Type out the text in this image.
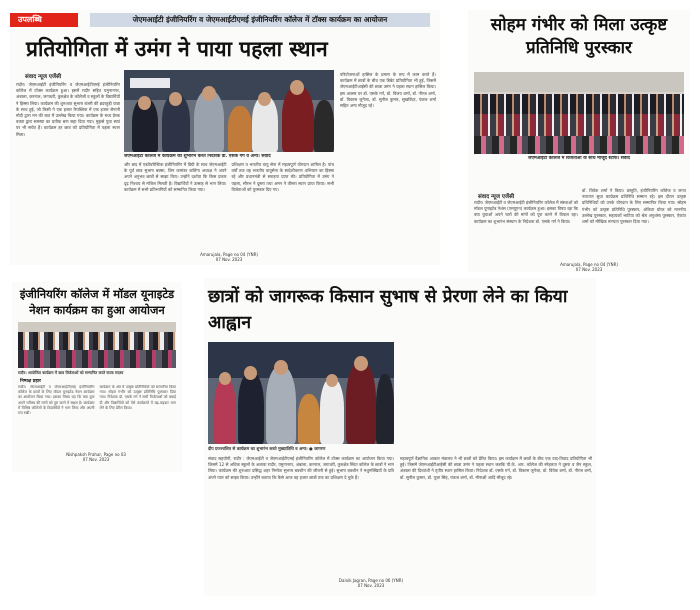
उपलब्धि	जेएमआईटी इंजीनियरिंग व जेएमआईटीएमई इंजीनियरिंग कॉलेज में टॉक्स कार्यक्रम का आयोजन
प्रतियोगिता में उमंग ने पाया पहला स्थान
संवाद न्यूज एजेंसी
रादौर। जेएमआईटी इंजीनियरिंग व जेएमआईटीएमई इंजीनियरिंग कॉलेज में टॉक्स कार्यक्रम हुआ। इसमें रादौर सहित यमुनानगर, अंबाला, करनाल, जगाधरी, कुरुक्षेत्र के कॉलेजों व स्कूलों के विद्यार्थियों ने हिस्सा लिया। कार्यक्रम की शुरुआत सुभाष बंजरी की ब्रदरहुड़ी यात्रा के साथ हुई, जो किसी ने एक हजार रिपब्लिक में एक हजार सेनानी मोदी द्वारा मन की बात में उल्लेख किया गया। कार्यक्रम के मध्य प्रेरक वक्ता द्वारा समस्या का प्रतीक बना सहा दिया गया। मुझसे युवा स्वयं पर भी सचेत हैं। कार्यक्रम हर छात्र को प्रतियोगिता में पहला स्थान मिला।
जेएमआईटी कॉलेज में कार्यक्रम का शुभारंभ करते निदेशक डॉ. एसके गर्ग व अन्य। संवाद
और बाद में एडवेंचरिस्टिक इंजीनियरिंग में डिग्री के साथ जेएमआईटी के पूर्व छात्र सुभाष बक्सा, जिन कमांडर कलिंगा अध्यक्ष ने अपने अपने अनुभव छात्रों से साझा किए। उन्होंने दर्शाया कि किस प्रकार दृढ़ निश्चय से मंजिल मिलती है। विद्यार्थियों ने उत्साह से भाग लिया। कार्यक्रम में सभी प्रतिभागियों को सम्मानित किया गया।
प्रशिक्षण व भारतीय वायु सेना में महत्वपूर्ण योगदान शामिल है। पांच वर्षों तक वह भारतीय वायुसेना के स्वदेशीकरण अभियान का हिस्सा रहे और प्रधानमंत्री से सराहना प्राप्त की। प्रतियोगिता में उमंग ने पहला, सौरभ ने दूसरा तथा अमन ने तीसरा स्थान प्राप्त किया। सभी विजेताओं को पुरस्कार दिए गए।
Amarujala, Page no 04 (YNR)
07 Nov. 2023
परियोजनाओं हासिल के प्रमाण के रूप में काम करते हैं। कार्यक्रम में छात्रों के बीच एक डिबेट प्रतियोगिता भी हुई, जिसमें जेएमआईटीआईसी की छात्रा उमंग ने पहला स्थान हासिल किया। इस अवसर पर डॉ. एसके गर्ग, डॉ. विजय शर्मा, डॉ. नीरज शर्मा, डॉ. विकास जुनेजा, डॉ. सुनील कुमार, सुखविंदर, पंकज शर्मा सहित अन्य मौजूद रहे।
सोहम गंभीर को मिला उत्कृष्ट प्रतिनिधि पुरस्कार
जेएमआईटी कॉलेज में विजेताओं के साथ मौजूद स्टाफ। संवाद
संवाद न्यूज एजेंसी
रादौर। जेएमआईटी व जेएमआईटी इंजीनियरिंग कॉलेज में संस्थाओं को मॉडल यूनाइटेड नेशंस (एमयूएन) कार्यक्रम हुआ। इसका विषय रहा कि क्या युवाओं अपने चारों की मांगों को पूरा करने में विफल रहा। कार्यक्रम का शुभारंभ संस्थान के निदेशक डॉ. एसके गर्ग ने किया।
डॉ. विवेक शर्मा ने किया। प्रस्तुति, इंजीनियरिंग कॉलेज व जगत नारायण सुधा कार्यक्रम प्रतिनिधि सम्मान रहे। इस दौरान उत्कृष्ट प्रतिनिधियों को उनके योगदान के लिए सम्मानित किया गया। सोहम गंभीर को उत्कृष्ट प्रतिनिधि पुरस्कार, अंकिता ग्रोवर को माननीय उल्लेख पुरस्कार, सहायकों भाटिया को श्रेष्ठ अनुशंसा पुरस्कार, ऐकांत शर्मा को मौखिक मान्यता पुरस्कार दिया गया।
Amarujala, Page no 04 (YNR)
07 Nov. 2023
इंजीनियरिंग कॉलेज में मॉडल यूनाइटेड नेशन कार्यक्रम का हुआ आयोजन
रादौर। आयोजित कार्यक्रम में छात्र विजेताओं को सम्मानित करते स्टाफ सदस्य
निष्पक्ष प्रहार
रादौर। जेएमआईटी व जेएमआईटीएमई इंजीनियरिंग कॉलेज के छात्रों के लिए मॉडल यूनाइटेड नेशन कार्यक्रम का आयोजन किया गया। इसका विषय रहा कि क्या युवा अपने भविष्य की मांगों को पूरा करने में सक्षम है। कार्यक्रम में विभिन्न कॉलेजों के विद्यार्थियों ने भाग लिया और अपनी राय रखी।
कार्यक्रम के अंत में उत्कृष्ट प्रतिनिधियों को सम्मानित किया गया। सोहम गंभीर को उत्कृष्ट प्रतिनिधि पुरस्कार दिया गया। निदेशक डॉ. एसके गर्ग ने सभी विजेताओं को बधाई दी और विद्यार्थियों को ऐसे कार्यक्रमों में बढ़-चढ़कर भाग लेने के लिए प्रेरित किया।
Nishpaksh Prahar, Page no 03
07 Nov. 2023
छात्रों को जागरूक किसान सुभाष से प्रेरणा लेने का किया आह्वान
दीप प्रज्ज्वलित से कार्यक्रम का शुभारंभ करते मुख्यातिथि व अन्य। ● जागरण
संवाद सहयोगी, रादौर : जेएमआईटी व जेएमआईटीएमई इंजीनियरिंग कॉलेज में टॉक्स कार्यक्रम का आयोजन किया गया। जिसमें 12 से अधिक स्कूलों के अलावा रादौर, यमुनानगर, अंबाला, करनाल, जगाधरी, कुरुक्षेत्र स्थित कॉलेज के छात्रों ने भाग लिया। कार्यक्रम की शुरुआत प्रसिद्ध शहर निर्माता सुभाष बक्शीन की जीवनी से हुई। सुभाष बक्शीन ने मधुमक्खियों के प्रति अपने प्यार को साझा किया। उन्होंने बताया कि कैसे आज वह हजार छात्रों तक का प्रशिक्षण दे चुके हैं।
महत्वपूर्ण वैज्ञानिक आकार मंत्रालय ने भी छात्रों को प्रेरित किया। इस कार्यक्रम में छात्रों के बीच एक वाद-विवाद प्रतियोगिता भी हुई। जिसमें जेएमआईटीआईसी की छात्रा उमंग ने पहला स्थान जबकि पी.के. आर. कॉलेज की स्नेहलता ने दूसरा व जैन स्कूल, अंबाला की दिव्यांशी ने तृतीय स्थान हासिल किया। निदेशक डॉ. एसके गर्ग, डॉ. विकास जुनेजा, डॉ. विवेक शर्मा, डॉ. नीरज शर्मा, डॉ. सुनील कुमार, डॉ. पूजा सिंह, पंकज शर्मा, डॉ. मीनाक्षी आदि मौजूद रहे।
Dainik Jagran, Page no 06 (YNR)
07 Nov. 2023
